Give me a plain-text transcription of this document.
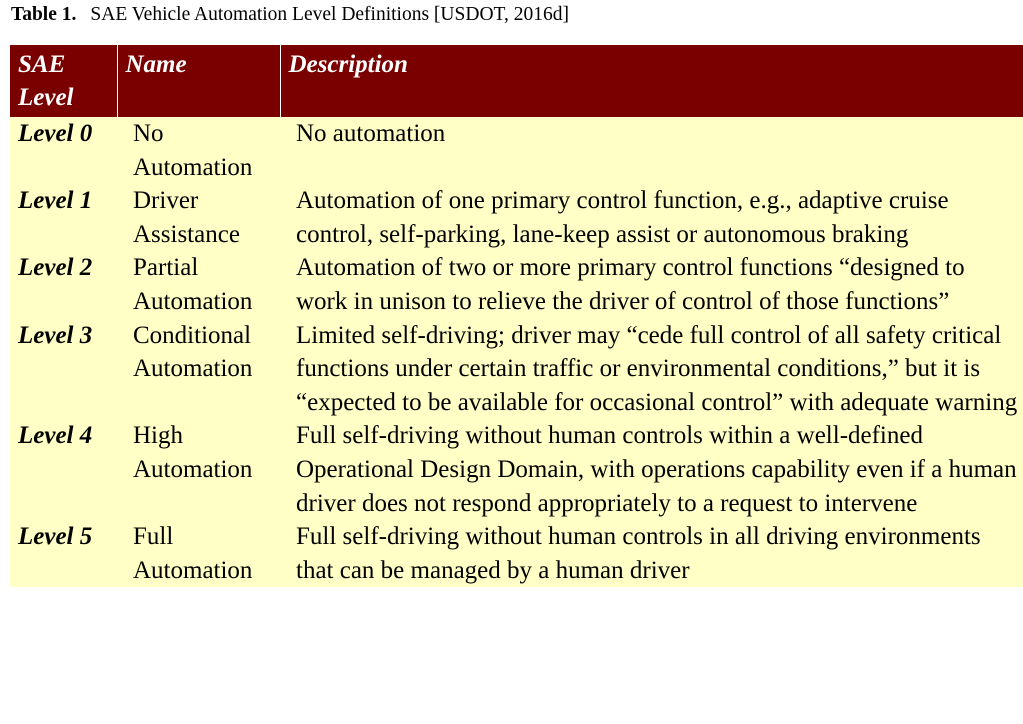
Table 1. SAE Vehicle Automation Level Definitions [USDOT, 2016d]
SAE Level	Name	Description
Level 0	No Automation	No automation
Level 1	Driver Assistance	Automation of one primary control function, e.g., adaptive cruise control, self-parking, lane-keep assist or autonomous braking
Level 2	Partial Automation	Automation of two or more primary control functions “designed to work in unison to relieve the driver of control of those functions”
Level 3	Conditional Automation	Limited self-driving; driver may “cede full control of all safety critical functions under certain traffic or environmental conditions,” but it is “expected to be available for occasional control” with adequate warning
Level 4	High Automation	Full self-driving without human controls within a well-defined Operational Design Domain, with operations capability even if a human driver does not respond appropriately to a request to intervene
Level 5	Full Automation	Full self-driving without human controls in all driving environments that can be managed by a human driver
